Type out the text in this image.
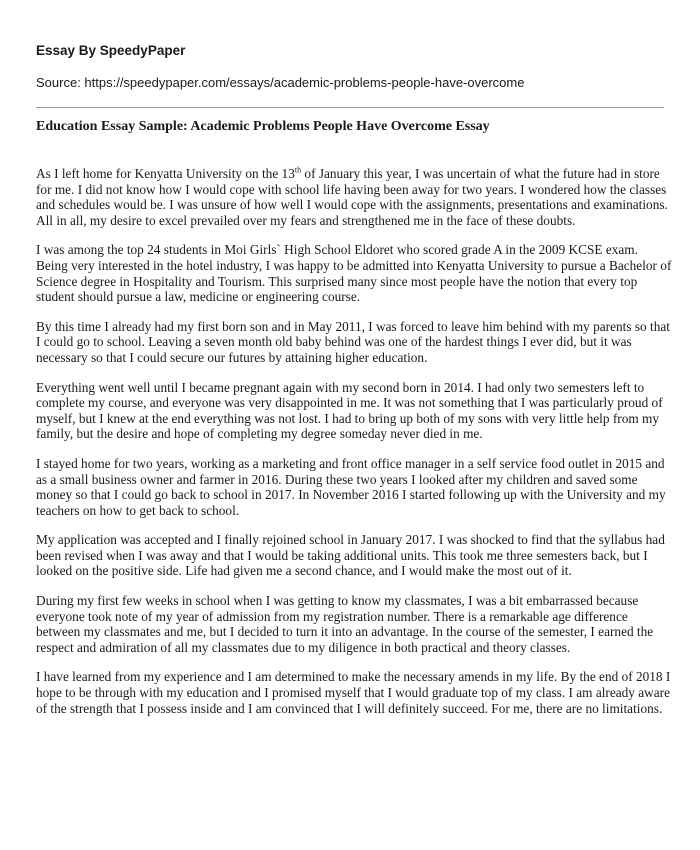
Essay By SpeedyPaper

Source: https://speedypaper.com/essays/academic-problems-people-have-overcome

Education Essay Sample: Academic Problems People Have Overcome Essay

As I left home for Kenyatta University on the 13th of January this year, I was uncertain of what the future had in store for me. I did not know how I would cope with school life having been away for two years. I wondered how the classes and schedules would be. I was unsure of how well I would cope with the assignments, presentations and examinations. All in all, my desire to excel prevailed over my fears and strengthened me in the face of these doubts.

I was among the top 24 students in Moi Girls` High School Eldoret who scored grade A in the 2009 KCSE exam. Being very interested in the hotel industry, I was happy to be admitted into Kenyatta University to pursue a Bachelor of Science degree in Hospitality and Tourism. This surprised many since most people have the notion that every top student should pursue a law, medicine or engineering course.

By this time I already had my first born son and in May 2011, I was forced to leave him behind with my parents so that I could go to school. Leaving a seven month old baby behind was one of the hardest things I ever did, but it was necessary so that I could secure our futures by attaining higher education.

Everything went well until I became pregnant again with my second born in 2014. I had only two semesters left to complete my course, and everyone was very disappointed in me. It was not something that I was particularly proud of myself, but I knew at the end everything was not lost. I had to bring up both of my sons with very little help from my family, but the desire and hope of completing my degree someday never died in me.

I stayed home for two years, working as a marketing and front office manager in a self service food outlet in 2015 and as a small business owner and farmer in 2016. During these two years I looked after my children and saved some money so that I could go back to school in 2017. In November 2016 I started following up with the University and my teachers on how to get back to school.

My application was accepted and I finally rejoined school in January 2017. I was shocked to find that the syllabus had been revised when I was away and that I would be taking additional units. This took me three semesters back, but I looked on the positive side. Life had given me a second chance, and I would make the most out of it.

During my first few weeks in school when I was getting to know my classmates, I was a bit embarrassed because everyone took note of my year of admission from my registration number. There is a remarkable age difference between my classmates and me, but I decided to turn it into an advantage. In the course of the semester, I earned the respect and admiration of all my classmates due to my diligence in both practical and theory classes.

I have learned from my experience and I am determined to make the necessary amends in my life. By the end of 2018 I hope to be through with my education and I promised myself that I would graduate top of my class. I am already aware of the strength that I possess inside and I am convinced that I will definitely succeed. For me, there are no limitations.
